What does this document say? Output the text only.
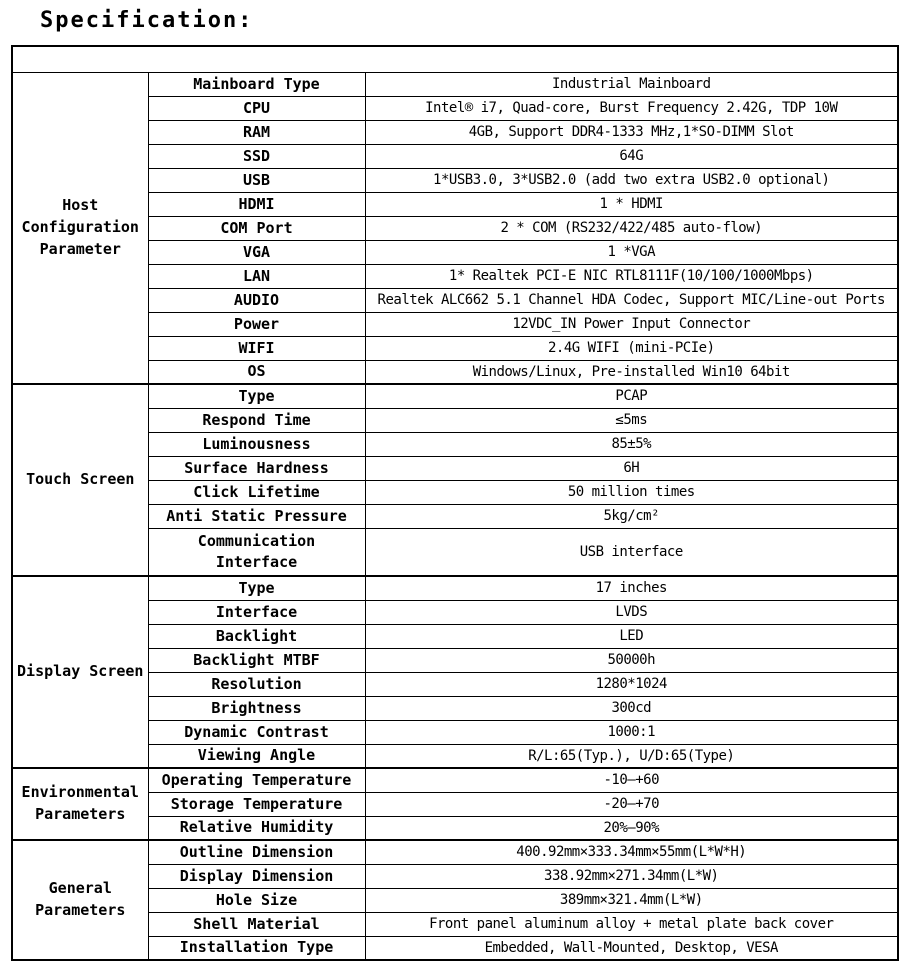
Specification:

Host Configuration Parameter	Mainboard Type	Industrial Mainboard
	CPU	Intel® i7, Quad-core, Burst Frequency 2.42G, TDP 10W
	RAM	4GB, Support DDR4-1333 MHz,1*SO-DIMM Slot
	SSD	64G
	USB	1*USB3.0, 3*USB2.0 (add two extra USB2.0 optional)
	HDMI	1 * HDMI
	COM Port	2 * COM (RS232/422/485 auto-flow)
	VGA	1 *VGA
	LAN	1* Realtek PCI-E NIC RTL8111F(10/100/1000Mbps)
	AUDIO	Realtek ALC662 5.1 Channel HDA Codec, Support MIC/Line-out Ports
	Power	12VDC_IN Power Input Connector
	WIFI	2.4G WIFI (mini-PCIe)
	OS	Windows/Linux, Pre-installed Win10 64bit
Touch Screen	Type	PCAP
	Respond Time	≤5ms
	Luminousness	85±5%
	Surface Hardness	6H
	Click Lifetime	50 million times
	Anti Static Pressure	5kg/cm²
	Communication Interface	USB interface
Display Screen	Type	17 inches
	Interface	LVDS
	Backlight	LED
	Backlight MTBF	50000h
	Resolution	1280*1024
	Brightness	300cd
	Dynamic Contrast	1000:1
	Viewing Angle	R/L:65(Typ.), U/D:65(Type)
Environmental Parameters	Operating Temperature	-10—+60
	Storage Temperature	-20—+70
	Relative Humidity	20%—90%
General Parameters	Outline Dimension	400.92mm×333.34mm×55mm(L*W*H)
	Display Dimension	338.92mm×271.34mm(L*W)
	Hole Size	389mm×321.4mm(L*W)
	Shell Material	Front panel aluminum alloy + metal plate back cover
	Installation Type	Embedded, Wall-Mounted, Desktop, VESA
